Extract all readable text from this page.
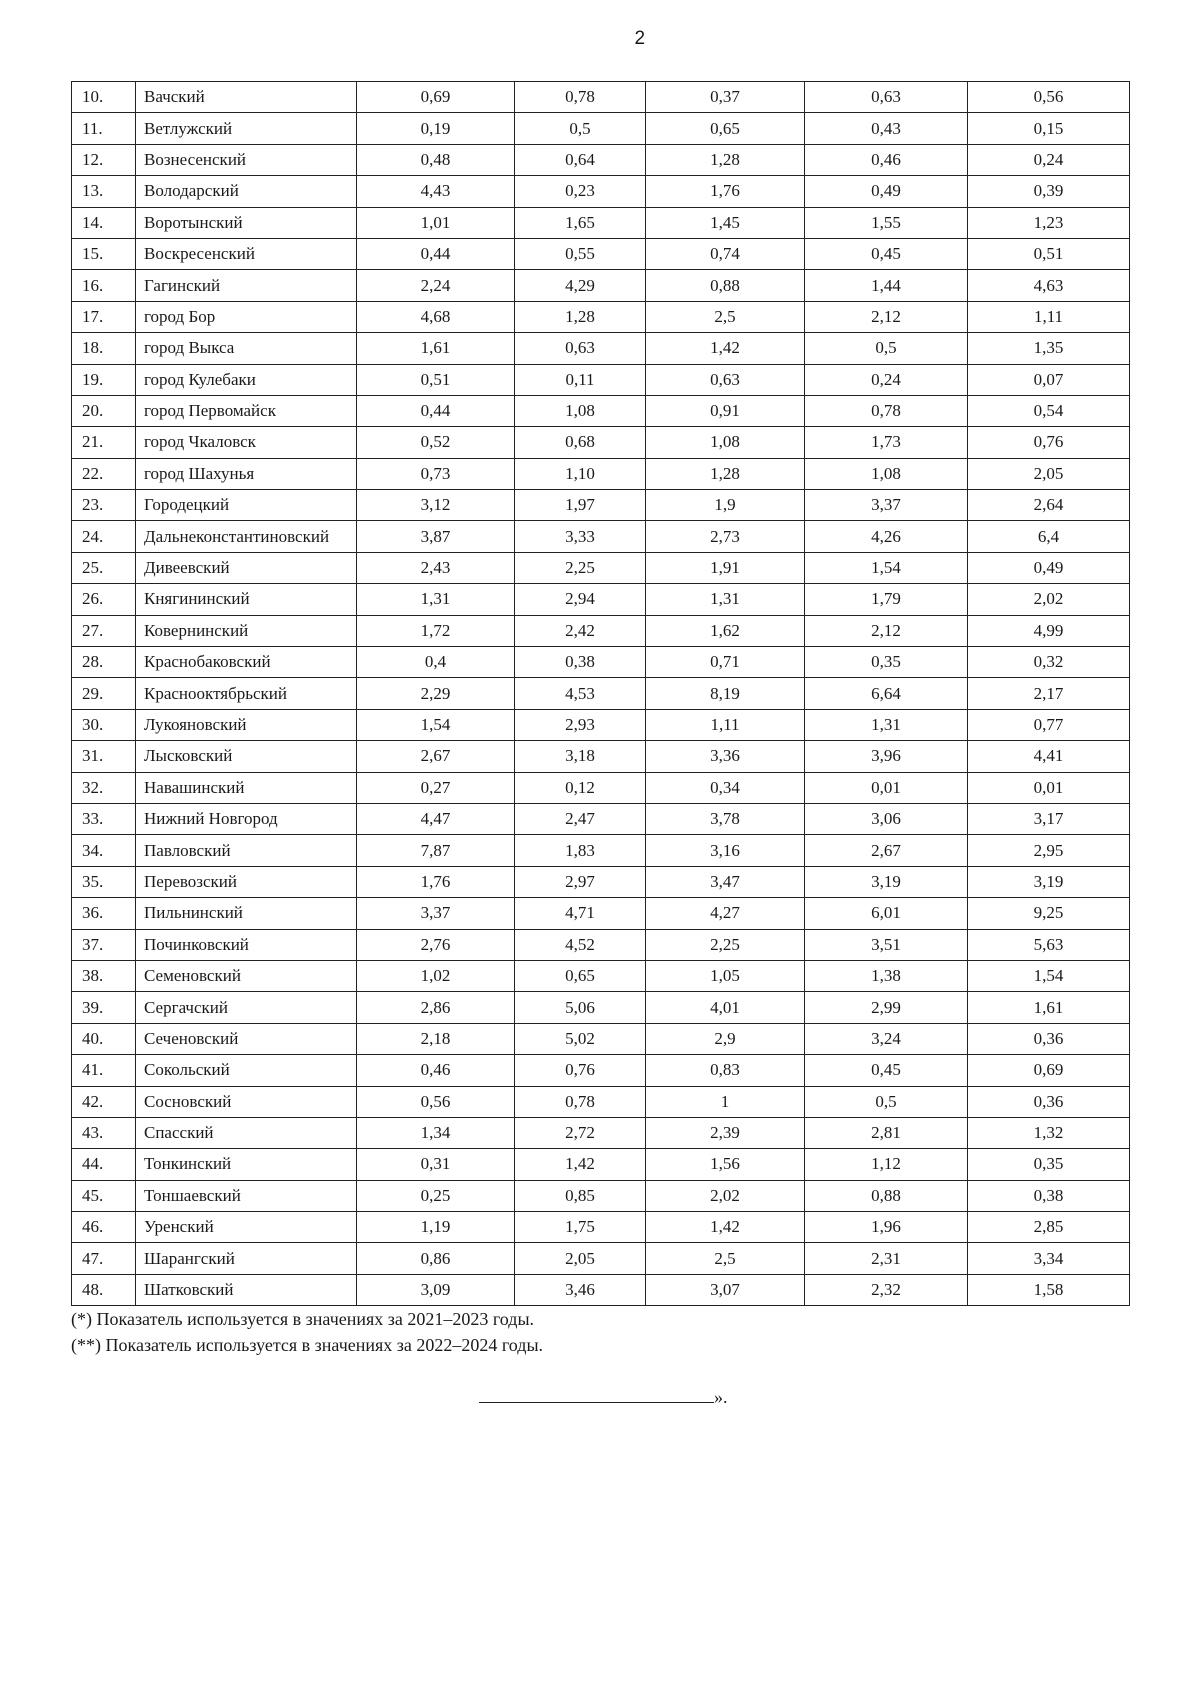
2
10.	Вачский	0,69	0,78	0,37	0,63	0,56
11.	Ветлужский	0,19	0,5	0,65	0,43	0,15
12.	Вознесенский	0,48	0,64	1,28	0,46	0,24
13.	Володарский	4,43	0,23	1,76	0,49	0,39
14.	Воротынский	1,01	1,65	1,45	1,55	1,23
15.	Воскресенский	0,44	0,55	0,74	0,45	0,51
16.	Гагинский	2,24	4,29	0,88	1,44	4,63
17.	город Бор	4,68	1,28	2,5	2,12	1,11
18.	город Выкса	1,61	0,63	1,42	0,5	1,35
19.	город Кулебаки	0,51	0,11	0,63	0,24	0,07
20.	город Первомайск	0,44	1,08	0,91	0,78	0,54
21.	город Чкаловск	0,52	0,68	1,08	1,73	0,76
22.	город Шахунья	0,73	1,10	1,28	1,08	2,05
23.	Городецкий	3,12	1,97	1,9	3,37	2,64
24.	Дальнеконстантиновский	3,87	3,33	2,73	4,26	6,4
25.	Дивеевский	2,43	2,25	1,91	1,54	0,49
26.	Княгининский	1,31	2,94	1,31	1,79	2,02
27.	Ковернинский	1,72	2,42	1,62	2,12	4,99
28.	Краснобаковский	0,4	0,38	0,71	0,35	0,32
29.	Краснооктябрьский	2,29	4,53	8,19	6,64	2,17
30.	Лукояновский	1,54	2,93	1,11	1,31	0,77
31.	Лысковский	2,67	3,18	3,36	3,96	4,41
32.	Навашинский	0,27	0,12	0,34	0,01	0,01
33.	Нижний Новгород	4,47	2,47	3,78	3,06	3,17
34.	Павловский	7,87	1,83	3,16	2,67	2,95
35.	Перевозский	1,76	2,97	3,47	3,19	3,19
36.	Пильнинский	3,37	4,71	4,27	6,01	9,25
37.	Починковский	2,76	4,52	2,25	3,51	5,63
38.	Семеновский	1,02	0,65	1,05	1,38	1,54
39.	Сергачский	2,86	5,06	4,01	2,99	1,61
40.	Сеченовский	2,18	5,02	2,9	3,24	0,36
41.	Сокольский	0,46	0,76	0,83	0,45	0,69
42.	Сосновский	0,56	0,78	1	0,5	0,36
43.	Спасский	1,34	2,72	2,39	2,81	1,32
44.	Тонкинский	0,31	1,42	1,56	1,12	0,35
45.	Тоншаевский	0,25	0,85	2,02	0,88	0,38
46.	Уренский	1,19	1,75	1,42	1,96	2,85
47.	Шарангский	0,86	2,05	2,5	2,31	3,34
48.	Шатковский	3,09	3,46	3,07	2,32	1,58
(*) Показатель используется в значениях за 2021–2023 годы.
(**) Показатель используется в значениях за 2022–2024 годы.
».
